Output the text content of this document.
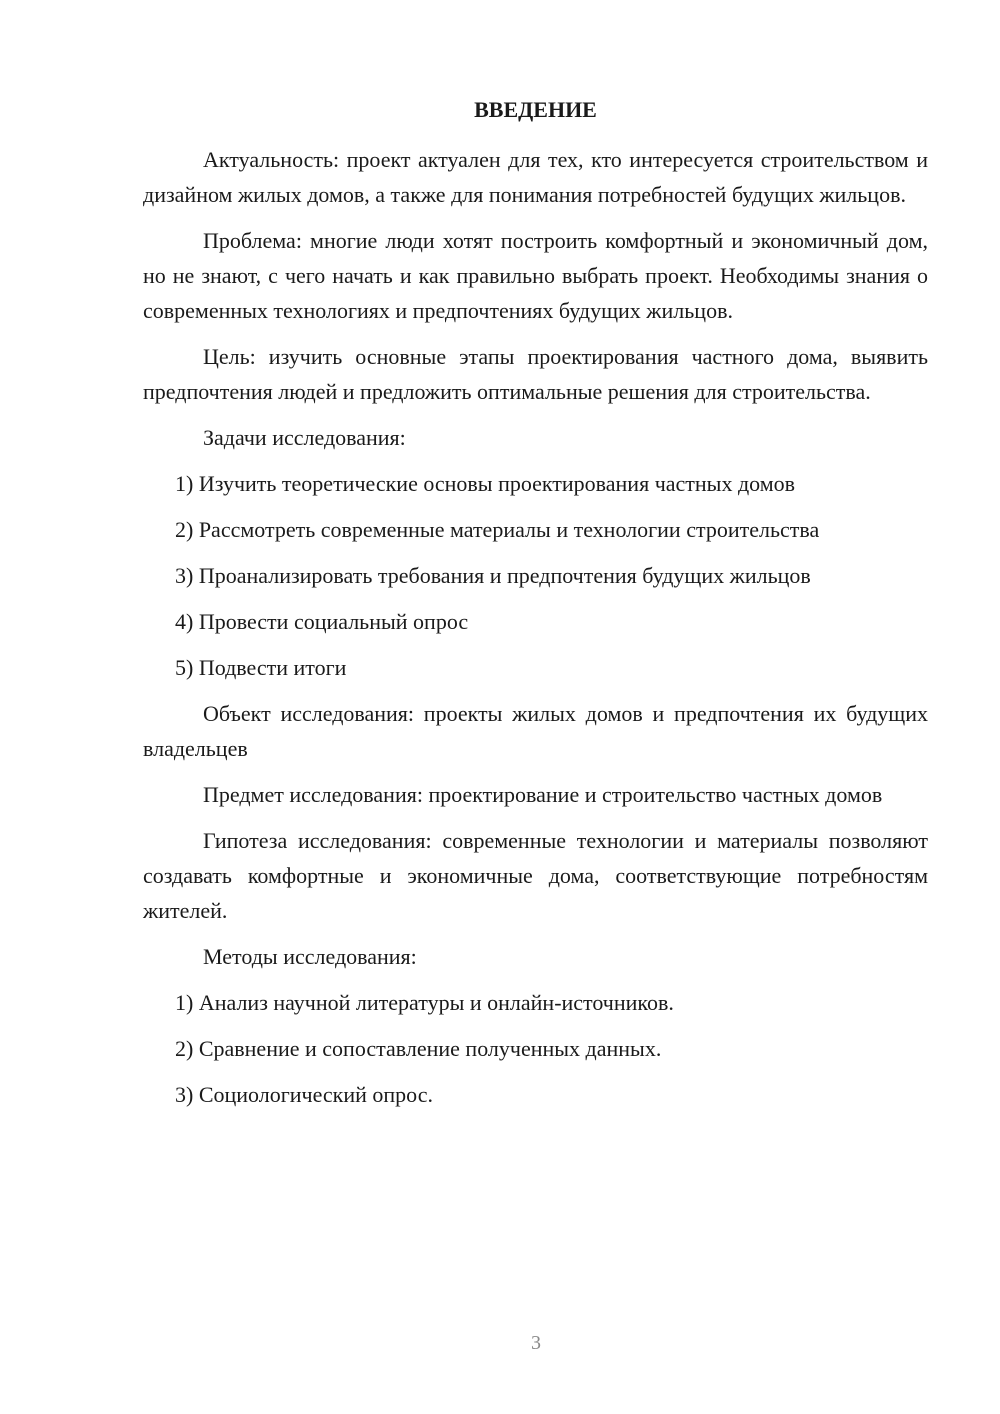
ВВЕДЕНИЕ
Актуальность: проект актуален для тех, кто интересуется строительством и дизайном жилых домов, а также для понимания потребностей будущих жильцов.
Проблема: многие люди хотят построить комфортный и экономичный дом, но не знают, с чего начать и как правильно выбрать проект. Необходимы знания о современных технологиях и предпочтениях будущих жильцов.
Цель: изучить основные этапы проектирования частного дома, выявить предпочтения людей и предложить оптимальные решения для строительства.
Задачи исследования:
1) Изучить теоретические основы проектирования частных домов
2) Рассмотреть современные материалы и технологии строительства
3) Проанализировать требования и предпочтения будущих жильцов
4) Провести социальный опрос
5) Подвести итоги
Объект исследования: проекты жилых домов и предпочтения их будущих владельцев
Предмет исследования: проектирование и строительство частных домов
Гипотеза исследования: современные технологии и материалы позволяют создавать комфортные и экономичные дома, соответствующие потребностям жителей.
Методы исследования:
1) Анализ научной литературы и онлайн-источников.
2) Сравнение и сопоставление полученных данных.
3) Социологический опрос.
3
